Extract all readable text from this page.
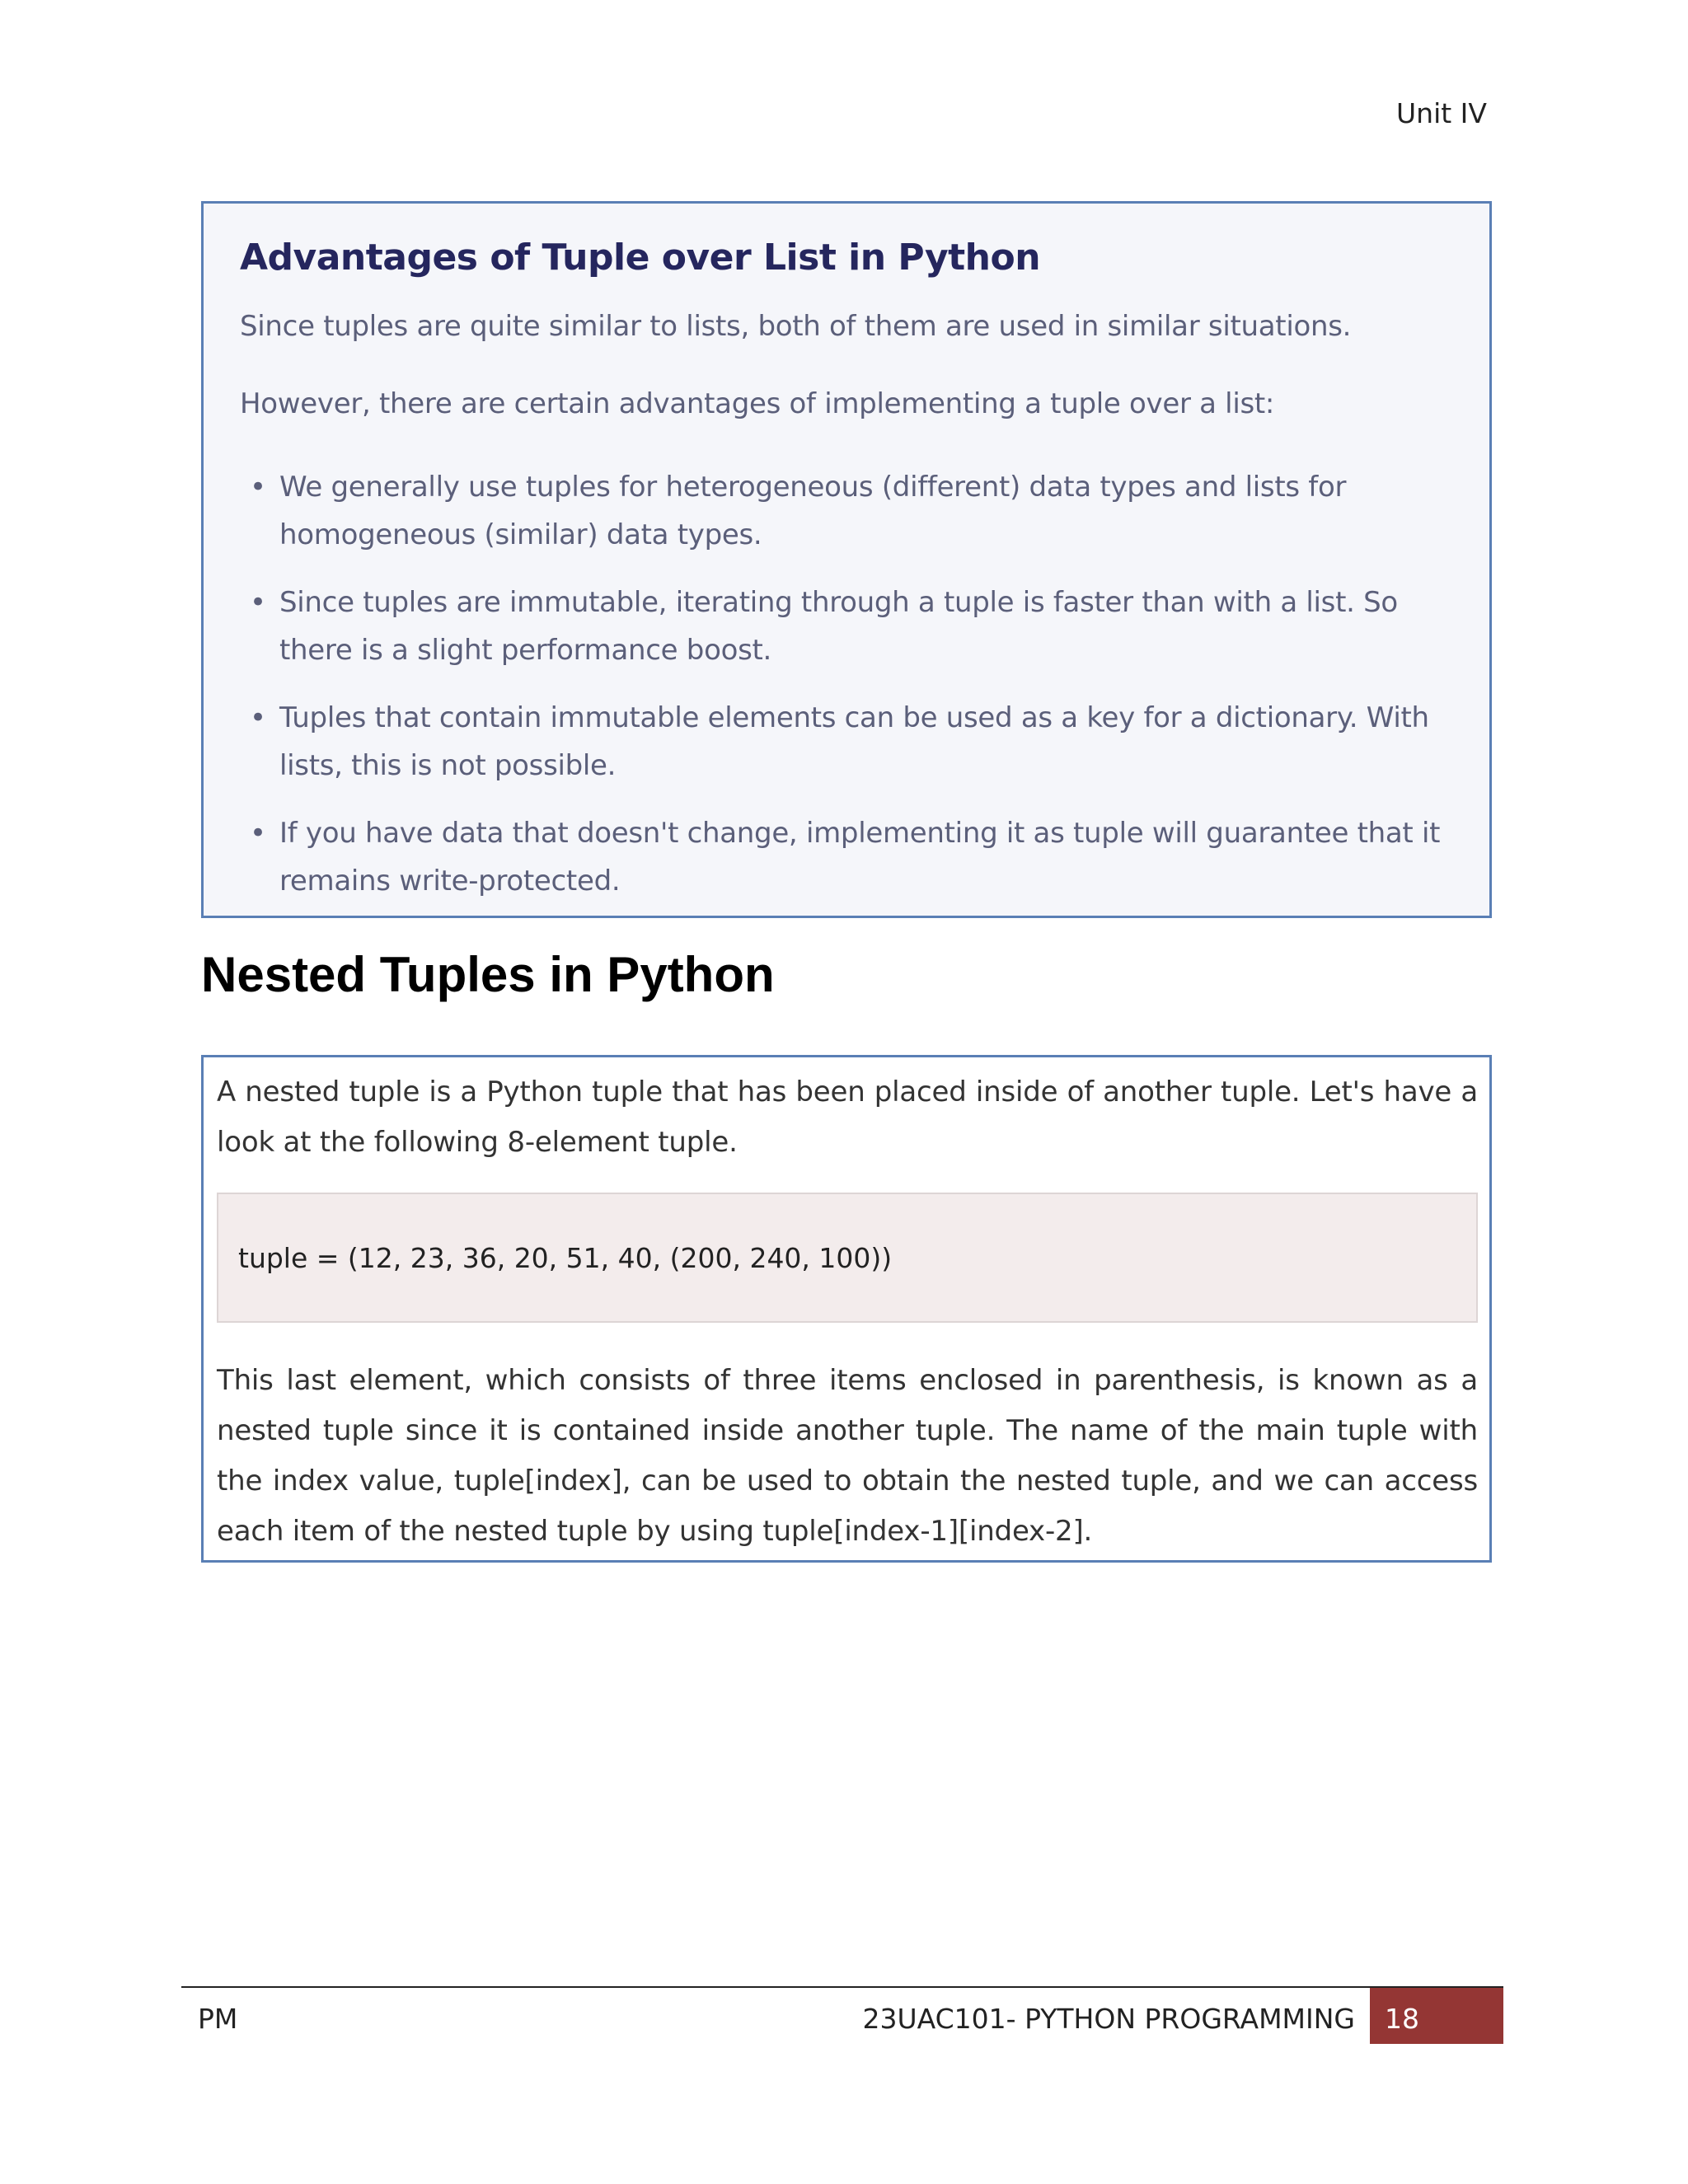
Unit IV
Advantages of Tuple over List in Python

Since tuples are quite similar to lists, both of them are used in similar situations.

However, there are certain advantages of implementing a tuple over a list:

• We generally use tuples for heterogeneous (different) data types and lists for homogeneous (similar) data types.
• Since tuples are immutable, iterating through a tuple is faster than with a list. So there is a slight performance boost.
• Tuples that contain immutable elements can be used as a key for a dictionary. With lists, this is not possible.
• If you have data that doesn't change, implementing it as tuple will guarantee that it remains write-protected.
Nested Tuples in Python

A nested tuple is a Python tuple that has been placed inside of another tuple. Let's have a look at the following 8-element tuple.

tuple = (12, 23, 36, 20, 51, 40, (200, 240, 100))

This last element, which consists of three items enclosed in parenthesis, is known as a nested tuple since it is contained inside another tuple. The name of the main tuple with the index value, tuple[index], can be used to obtain the nested tuple, and we can access each item of the nested tuple by using tuple[index-1][index-2].

PM	23UAC101- PYTHON PROGRAMMING	18
